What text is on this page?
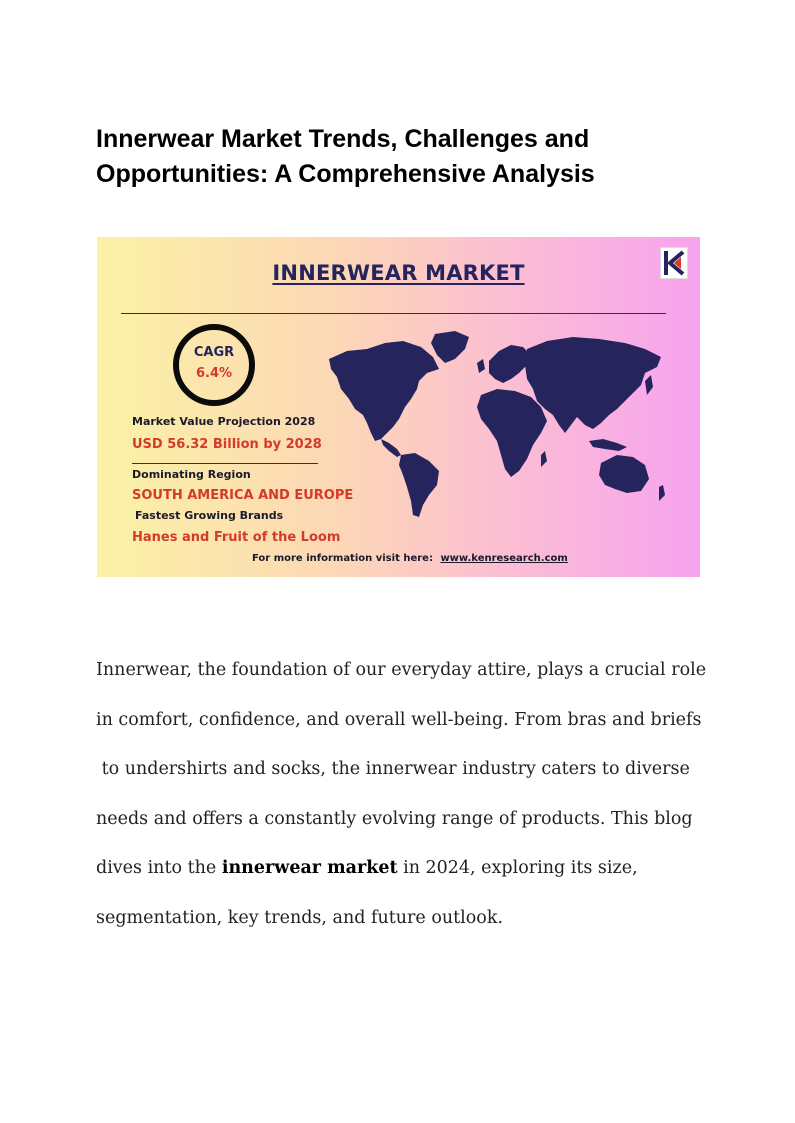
Innerwear Market Trends, Challenges and
Opportunities: A Comprehensive Analysis
INNERWEAR MARKET
CAGR
6.4%
Market Value Projection 2028
USD 56.32 Billion by 2028
Dominating Region
SOUTH AMERICA AND EUROPE
Fastest Growing Brands
Hanes and Fruit of the Loom
For more information visit here: www.kenresearch.com

Innerwear, the foundation of our everyday attire, plays a crucial role

in comfort, confidence, and overall well-being. From bras and briefs

to undershirts and socks, the innerwear industry caters to diverse

needs and offers a constantly evolving range of products. This blog

dives into the innerwear market in 2024, exploring its size,

segmentation, key trends, and future outlook.
